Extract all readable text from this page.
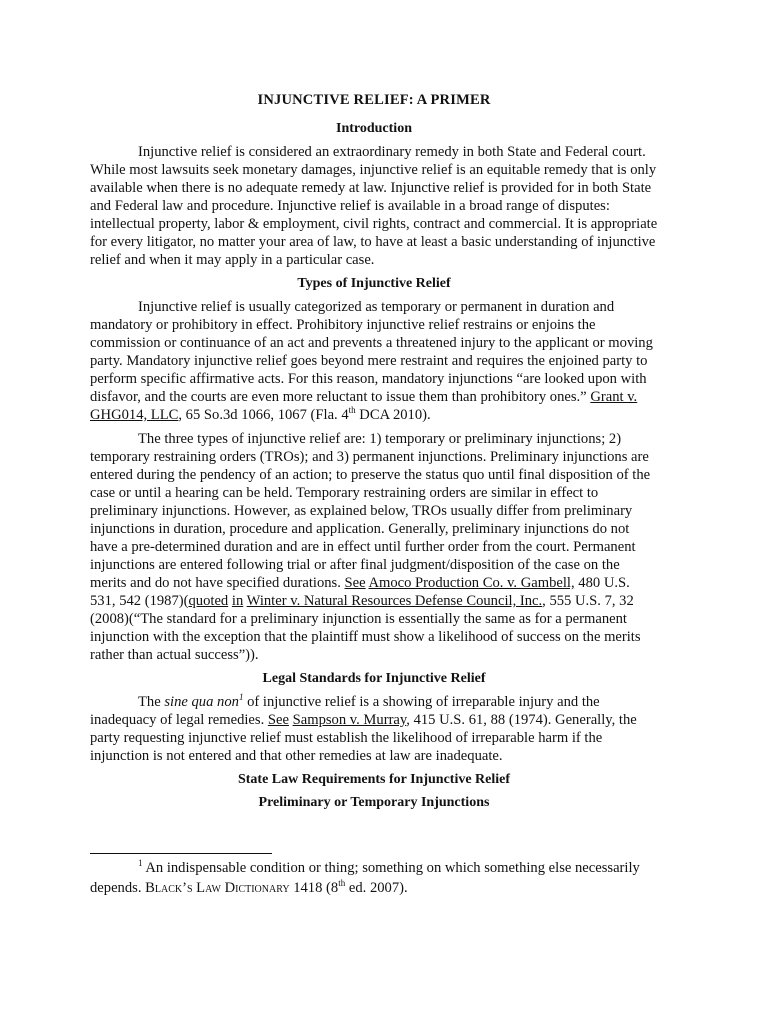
INJUNCTIVE RELIEF: A PRIMER
Introduction

Injunctive relief is considered an extraordinary remedy in both State and Federal court. While most lawsuits seek monetary damages, injunctive relief is an equitable remedy that is only available when there is no adequate remedy at law. Injunctive relief is provided for in both State and Federal law and procedure. Injunctive relief is available in a broad range of disputes: intellectual property, labor & employment, civil rights, contract and commercial. It is appropriate for every litigator, no matter your area of law, to have at least a basic understanding of injunctive relief and when it may apply in a particular case.

Types of Injunctive Relief

Injunctive relief is usually categorized as temporary or permanent in duration and mandatory or prohibitory in effect. Prohibitory injunctive relief restrains or enjoins the commission or continuance of an act and prevents a threatened injury to the applicant or moving party. Mandatory injunctive relief goes beyond mere restraint and requires the enjoined party to perform specific affirmative acts. For this reason, mandatory injunctions “are looked upon with disfavor, and the courts are even more reluctant to issue them than prohibitory ones.” Grant v. GHG014, LLC, 65 So.3d 1066, 1067 (Fla. 4th DCA 2010).

The three types of injunctive relief are: 1) temporary or preliminary injunctions; 2) temporary restraining orders (TROs); and 3) permanent injunctions. Preliminary injunctions are entered during the pendency of an action; to preserve the status quo until final disposition of the case or until a hearing can be held. Temporary restraining orders are similar in effect to preliminary injunctions. However, as explained below, TROs usually differ from preliminary injunctions in duration, procedure and application. Generally, preliminary injunctions do not have a pre-determined duration and are in effect until further order from the court. Permanent injunctions are entered following trial or after final judgment/disposition of the case on the merits and do not have specified durations. See Amoco Production Co. v. Gambell, 480 U.S. 531, 542 (1987)(quoted in Winter v. Natural Resources Defense Council, Inc., 555 U.S. 7, 32 (2008)(“The standard for a preliminary injunction is essentially the same as for a permanent injunction with the exception that the plaintiff must show a likelihood of success on the merits rather than actual success”)).

Legal Standards for Injunctive Relief

The sine qua non$^1$ of injunctive relief is a showing of irreparable injury and the inadequacy of legal remedies. See Sampson v. Murray, 415 U.S. 61, 88 (1974). Generally, the party requesting injunctive relief must establish the likelihood of irreparable harm if the injunction is not entered and that other remedies at law are inadequate.

State Law Requirements for Injunctive Relief
Preliminary or Temporary Injunctions
$^1$ An indispensable condition or thing; something on which something else necessarily depends. Black’s Law Dictionary 1418 (8th ed. 2007).
